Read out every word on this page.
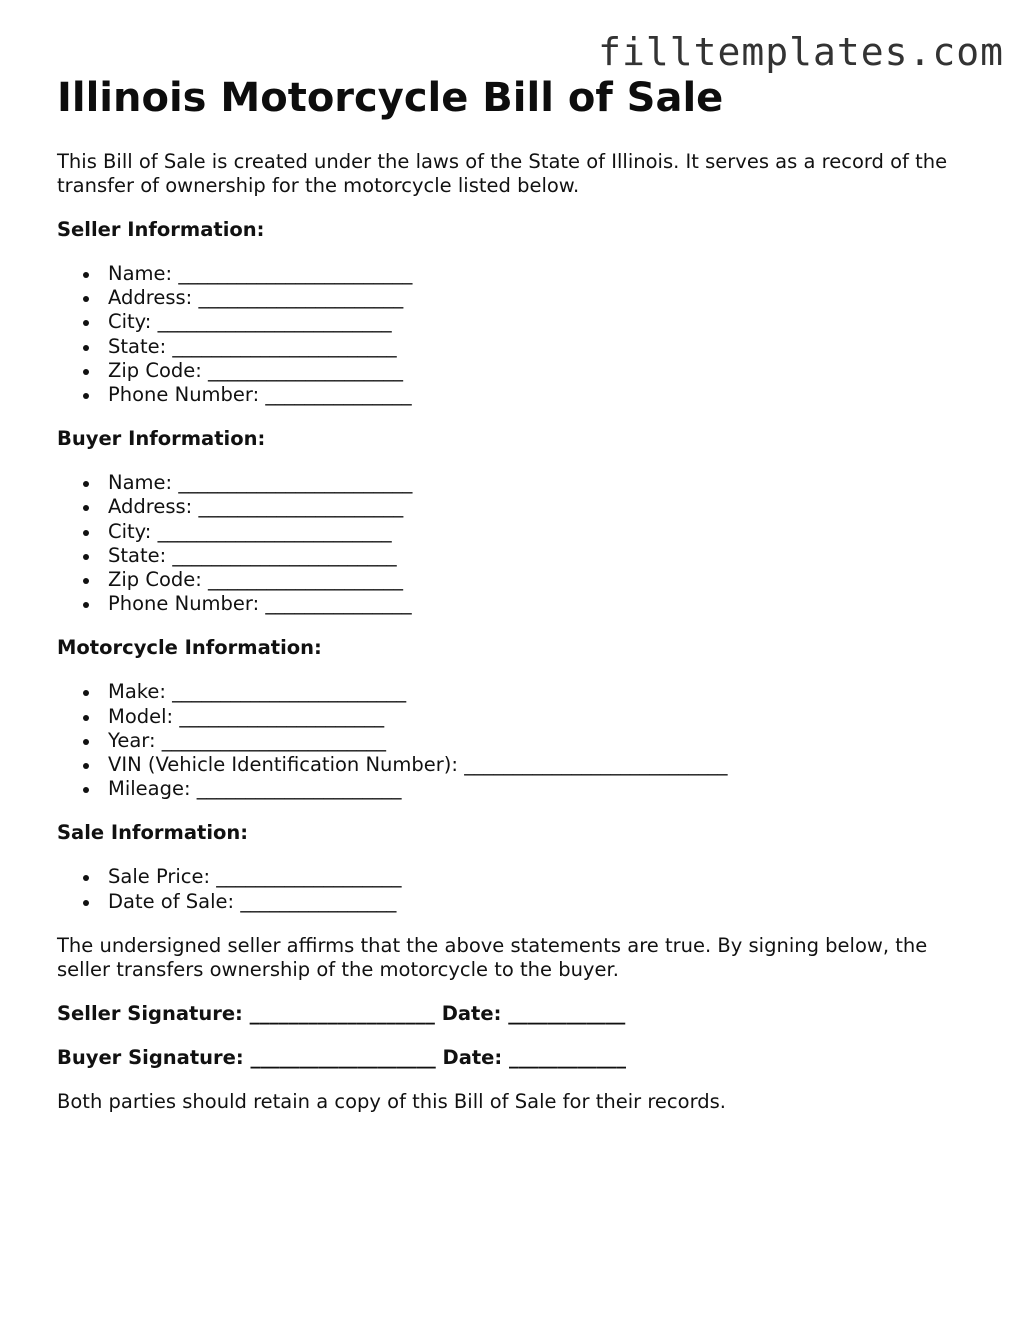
filltemplates.com
Illinois Motorcycle Bill of Sale

This Bill of Sale is created under the laws of the State of Illinois. It serves as a record of the transfer of ownership for the motorcycle listed below.

Seller Information:

Name: ________________________
Address: _____________________
City: ________________________
State: _______________________
Zip Code: ____________________
Phone Number: _______________

Buyer Information:

Name: ________________________
Address: _____________________
City: ________________________
State: _______________________
Zip Code: ____________________
Phone Number: _______________

Motorcycle Information:

Make: ________________________
Model: _____________________
Year: _______________________
VIN (Vehicle Identification Number): ___________________________
Mileage: _____________________

Sale Information:

Sale Price: ___________________
Date of Sale: ________________

The undersigned seller affirms that the above statements are true. By signing below, the seller transfers ownership of the motorcycle to the buyer.

Seller Signature: ___________________ Date: ____________

Buyer Signature: ___________________ Date: ____________

Both parties should retain a copy of this Bill of Sale for their records.
